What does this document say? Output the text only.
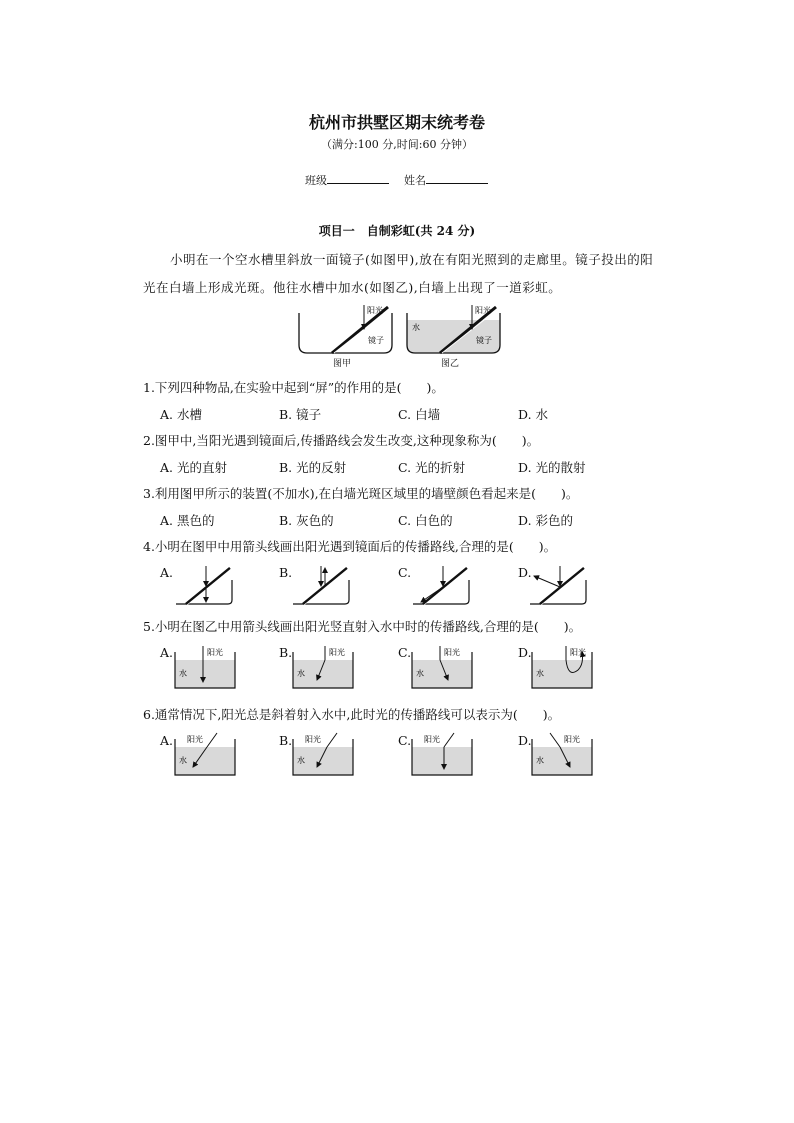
杭州市拱墅区期末统考卷
（满分:100 分,时间:60 分钟）
班级	姓名
项目一　自制彩虹(共 24 分)
小明在一个空水槽里斜放一面镜子(如图甲),放在有阳光照到的走廊里。镜子投出的阳
光在白墙上形成光斑。他往水槽中加水(如图乙),白墙上出现了一道彩虹。
阳光
镜子
图甲
阳光
镜子
水
图乙
1.下列四种物品,在实验中起到“屏”的作用的是(　　)。
A. 水槽	B. 镜子	C. 白墙	D. 水
2.图甲中,当阳光遇到镜面后,传播路线会发生改变,这种现象称为(　　)。
A. 光的直射	B. 光的反射	C. 光的折射	D. 光的散射
3.利用图甲所示的装置(不加水),在白墙光斑区域里的墙壁颜色看起来是(　　)。
A. 黑色的	B. 灰色的	C. 白色的	D. 彩色的
4.小明在图甲中用箭头线画出阳光遇到镜面后的传播路线,合理的是(　　)。
A.	B.	C.	D.
5.小明在图乙中用箭头线画出阳光竖直射入水中时的传播路线,合理的是(　　)。
A.	B.	C.	D.
阳光
水
阳光
水
阳光
水
阳光
水
6.通常情况下,阳光总是斜着射入水中,此时光的传播路线可以表示为(　　)。
A.	B.	C.	D.
阳光
水
阳光
水
阳光	阳光
水
